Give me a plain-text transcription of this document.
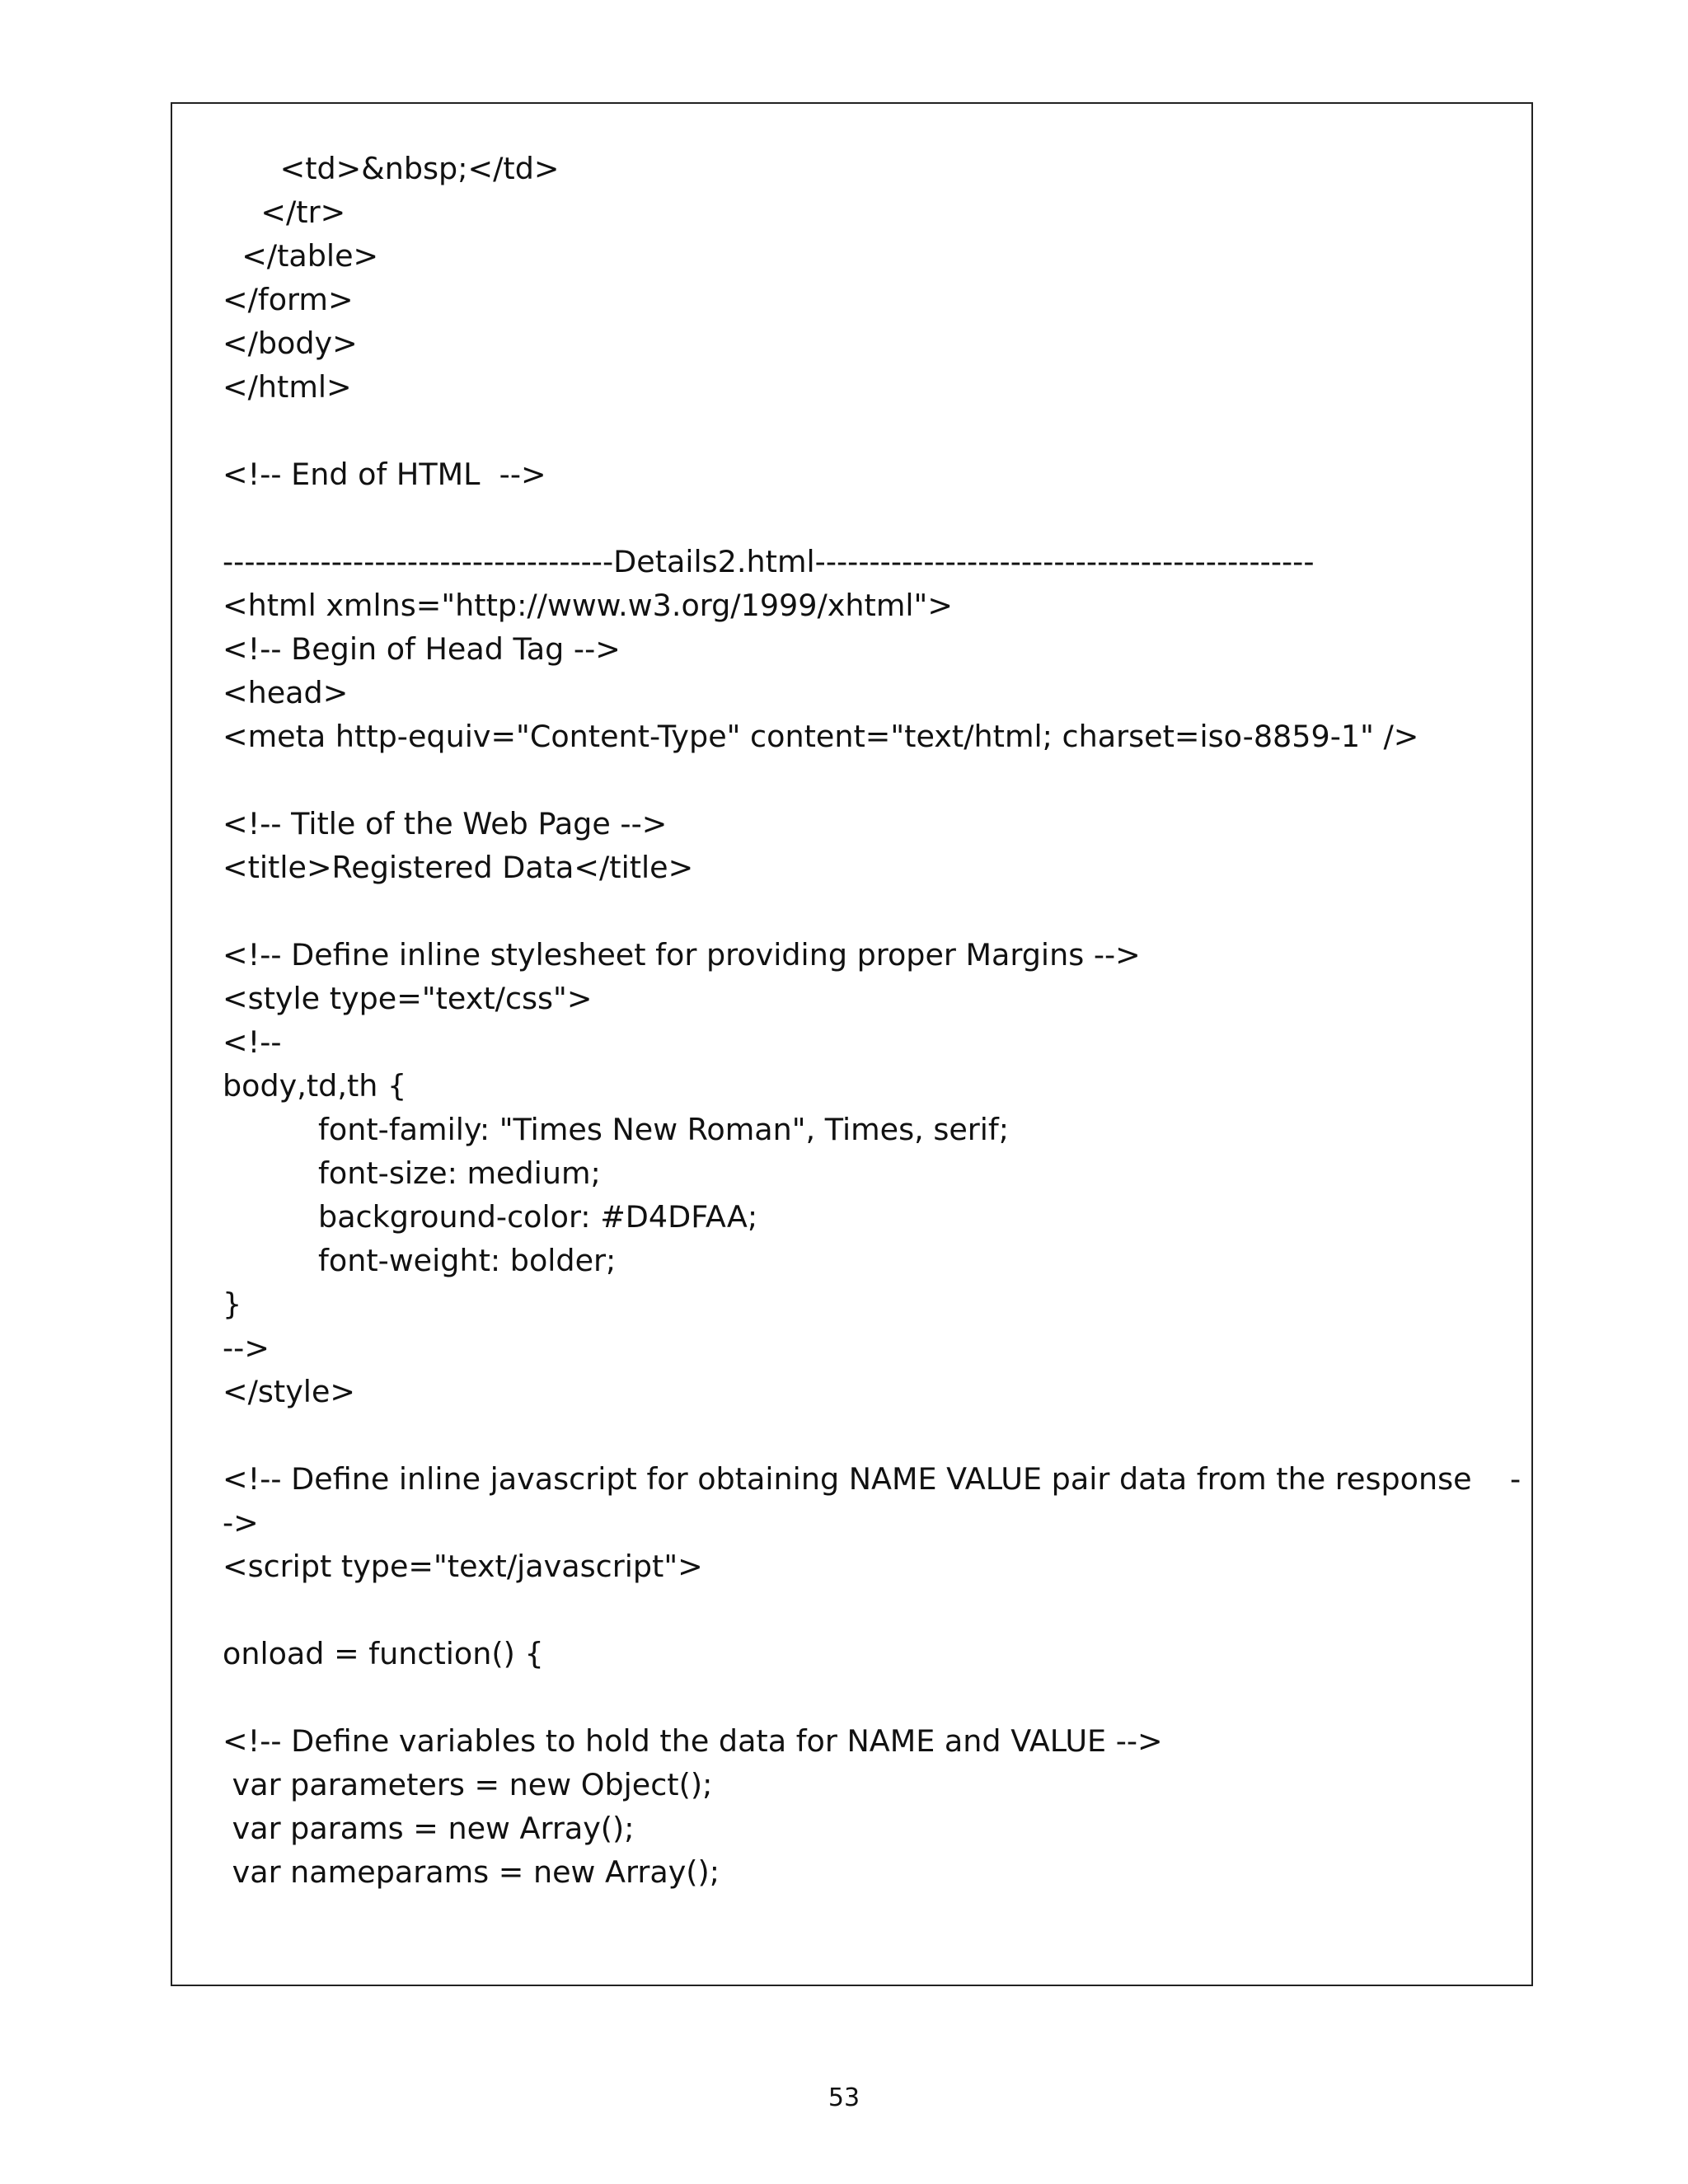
<td>&nbsp;</td>
</tr>
</table>
</form>
</body>
</html>
<!-- End of HTML  -->
------------------------------------Details2.html----------------------------------------------
<html xmlns="http://www.w3.org/1999/xhtml">
<!-- Begin of Head Tag -->
<head>
<meta http-equiv="Content-Type" content="text/html; charset=iso-8859-1" />
<!-- Title of the Web Page -->
<title>Registered Data</title>
<!-- Define inline stylesheet for providing proper Margins -->
<style type="text/css">
<!--
body,td,th {
font-family: "Times New Roman", Times, serif;
font-size: medium;
background-color: #D4DFAA;
font-weight: bolder;
}
-->
</style>
<!-- Define inline javascript for obtaining NAME VALUE pair data from the response    -
->
<script type="text/javascript">
onload = function() {
<!-- Define variables to hold the data for NAME and VALUE -->
var parameters = new Object();
var params = new Array();
var nameparams = new Array();
53
